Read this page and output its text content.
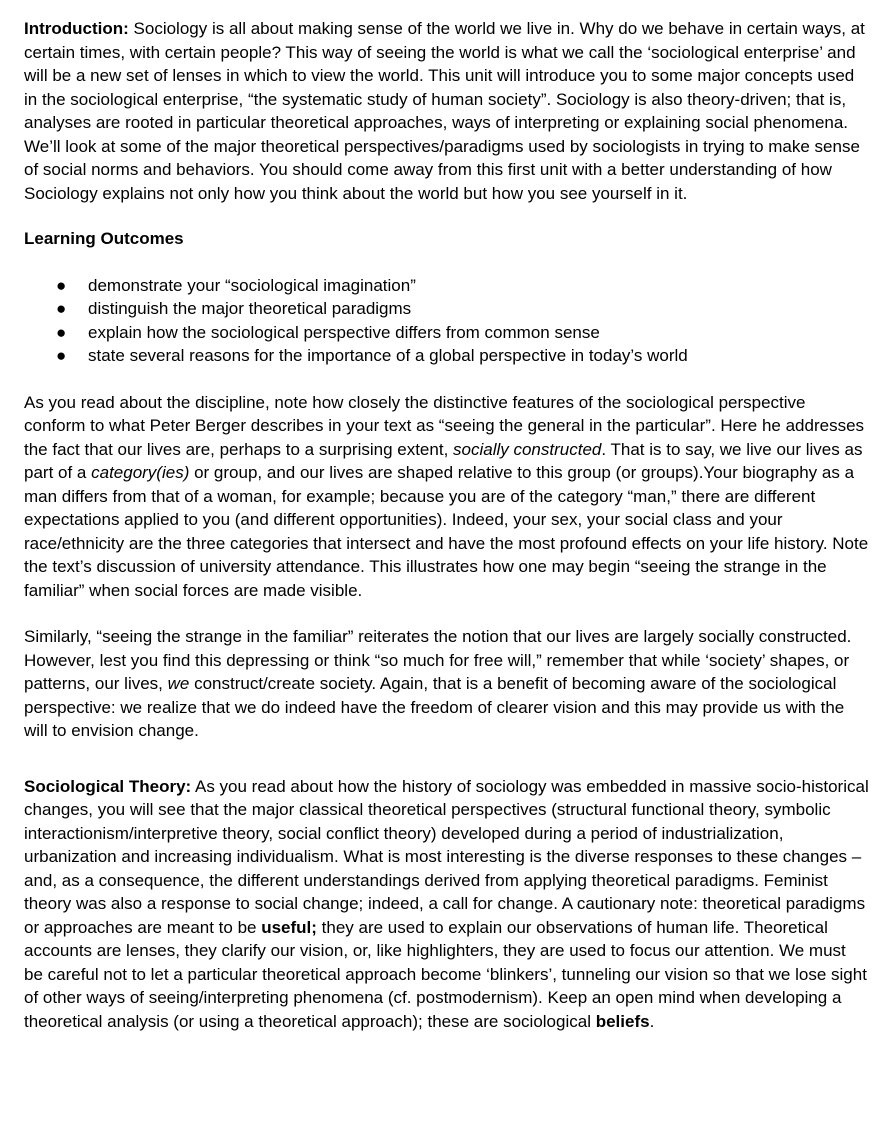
Introduction: Sociology is all about making sense of the world we live in. Why do we behave in certain ways, at certain times, with certain people? This way of seeing the world is what we call the ‘sociological enterprise’ and will be a new set of lenses in which to view the world. This unit will introduce you to some major concepts used in the sociological enterprise, “the systematic study of human society”. Sociology is also theory-driven; that is, analyses are rooted in particular theoretical approaches, ways of interpreting or explaining social phenomena. We’ll look at some of the major theoretical perspectives/paradigms used by sociologists in trying to make sense of social norms and behaviors. You should come away from this first unit with a better understanding of how Sociology explains not only how you think about the world but how you see yourself in it.

Learning Outcomes
● demonstrate your “sociological imagination”
● distinguish the major theoretical paradigms
● explain how the sociological perspective differs from common sense
● state several reasons for the importance of a global perspective in today’s world

As you read about the discipline, note how closely the distinctive features of the sociological perspective conform to what Peter Berger describes in your text as “seeing the general in the particular”. Here he addresses the fact that our lives are, perhaps to a surprising extent, socially constructed. That is to say, we live our lives as part of a category(ies) or group, and our lives are shaped relative to this group (or groups).Your biography as a man differs from that of a woman, for example; because you are of the category “man,” there are different expectations applied to you (and different opportunities). Indeed, your sex, your social class and your race/ethnicity are the three categories that intersect and have the most profound effects on your life history. Note the text’s discussion of university attendance. This illustrates how one may begin “seeing the strange in the familiar” when social forces are made visible.

Similarly, “seeing the strange in the familiar” reiterates the notion that our lives are largely socially constructed. However, lest you find this depressing or think “so much for free will,” remember that while ‘society’ shapes, or patterns, our lives, we construct/create society. Again, that is a benefit of becoming aware of the sociological perspective: we realize that we do indeed have the freedom of clearer vision and this may provide us with the will to envision change.

Sociological Theory: As you read about how the history of sociology was embedded in massive socio-historical changes, you will see that the major classical theoretical perspectives (structural functional theory, symbolic interactionism/interpretive theory, social conflict theory) developed during a period of industrialization, urbanization and increasing individualism. What is most interesting is the diverse responses to these changes – and, as a consequence, the different understandings derived from applying theoretical paradigms. Feminist theory was also a response to social change; indeed, a call for change. A cautionary note: theoretical paradigms or approaches are meant to be useful; they are used to explain our observations of human life. Theoretical accounts are lenses, they clarify our vision, or, like highlighters, they are used to focus our attention. We must be careful not to let a particular theoretical approach become ‘blinkers’, tunneling our vision so that we lose sight of other ways of seeing/interpreting phenomena (cf. postmodernism). Keep an open mind when developing a theoretical analysis (or using a theoretical approach); these are sociological beliefs.
